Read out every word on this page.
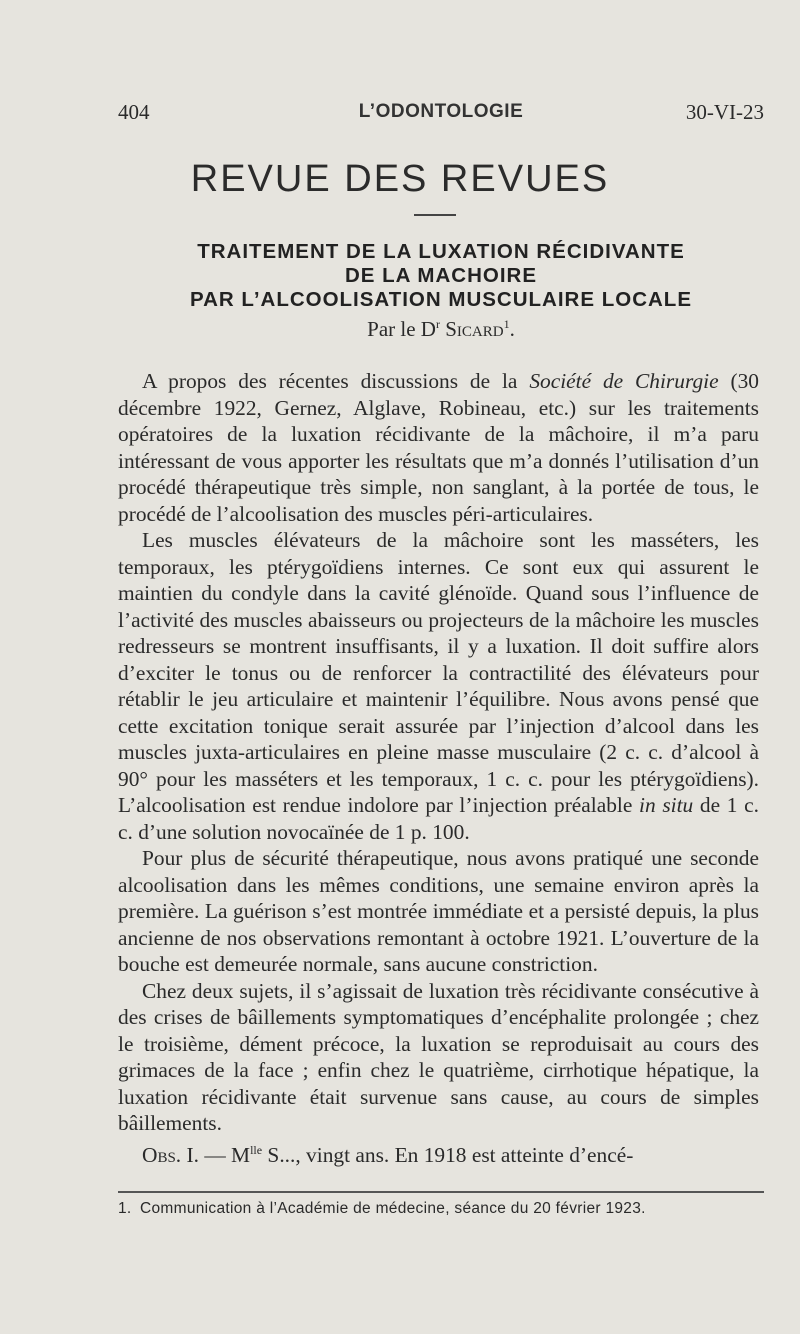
404	L’ODONTOLOGIE	30-VI-23
REVUE DES REVUES
TRAITEMENT DE LA LUXATION RÉCIDIVANTE
DE LA MACHOIRE
PAR L’ALCOOLISATION MUSCULAIRE LOCALE
Par le $D^r$ Sicard$^1$.

A propos des récentes discussions de la Société de Chirurgie (30 décembre 1922, Gernez, Alglave, Robineau, etc.) sur les traitements opératoires de la luxation récidivante de la mâchoire, il m’a paru intéressant de vous apporter les résultats que m’a donnés l’utilisation d’un procédé thérapeutique très simple, non sanglant, à la portée de tous, le procédé de l’alcoolisation des muscles péri-articulaires.

Les muscles élévateurs de la mâchoire sont les masséters, les temporaux, les ptérygoïdiens internes. Ce sont eux qui assurent le maintien du condyle dans la cavité glénoïde. Quand sous l’influence de l’activité des muscles abaisseurs ou projecteurs de la mâchoire les muscles redresseurs se montrent insuffisants, il y a luxation. Il doit suffire alors d’exciter le tonus ou de renforcer la contractilité des élévateurs pour rétablir le jeu articulaire et maintenir l’équilibre. Nous avons pensé que cette excitation tonique serait assurée par l’injection d’alcool dans les muscles juxta-articulaires en pleine masse musculaire (2 c. c. d’alcool à 90° pour les masséters et les temporaux, 1 c. c. pour les ptérygoïdiens). L’alcoolisation est rendue indolore par l’injection préalable in situ de 1 c. c. d’une solution novocaïnée de 1 p. 100.

Pour plus de sécurité thérapeutique, nous avons pratiqué une seconde alcoolisation dans les mêmes conditions, une semaine environ après la première. La guérison s’est montrée immédiate et a persisté depuis, la plus ancienne de nos observations remontant à octobre 1921. L’ouverture de la bouche est demeurée normale, sans aucune constriction.

Chez deux sujets, il s’agissait de luxation très récidivante consécutive à des crises de bâillements symptomatiques d’encéphalite prolongée ; chez le troisième, dément précoce, la luxation se reproduisait au cours des grimaces de la face ; enfin chez le quatrième, cirrhotique hépatique, la luxation récidivante était survenue sans cause, au cours de simples bâillements.

Obs. I. — $M^{lle}$ S..., vingt ans. En 1918 est atteinte d’encé-

1. Communication à l’Académie de médecine, séance du 20 février 1923.
